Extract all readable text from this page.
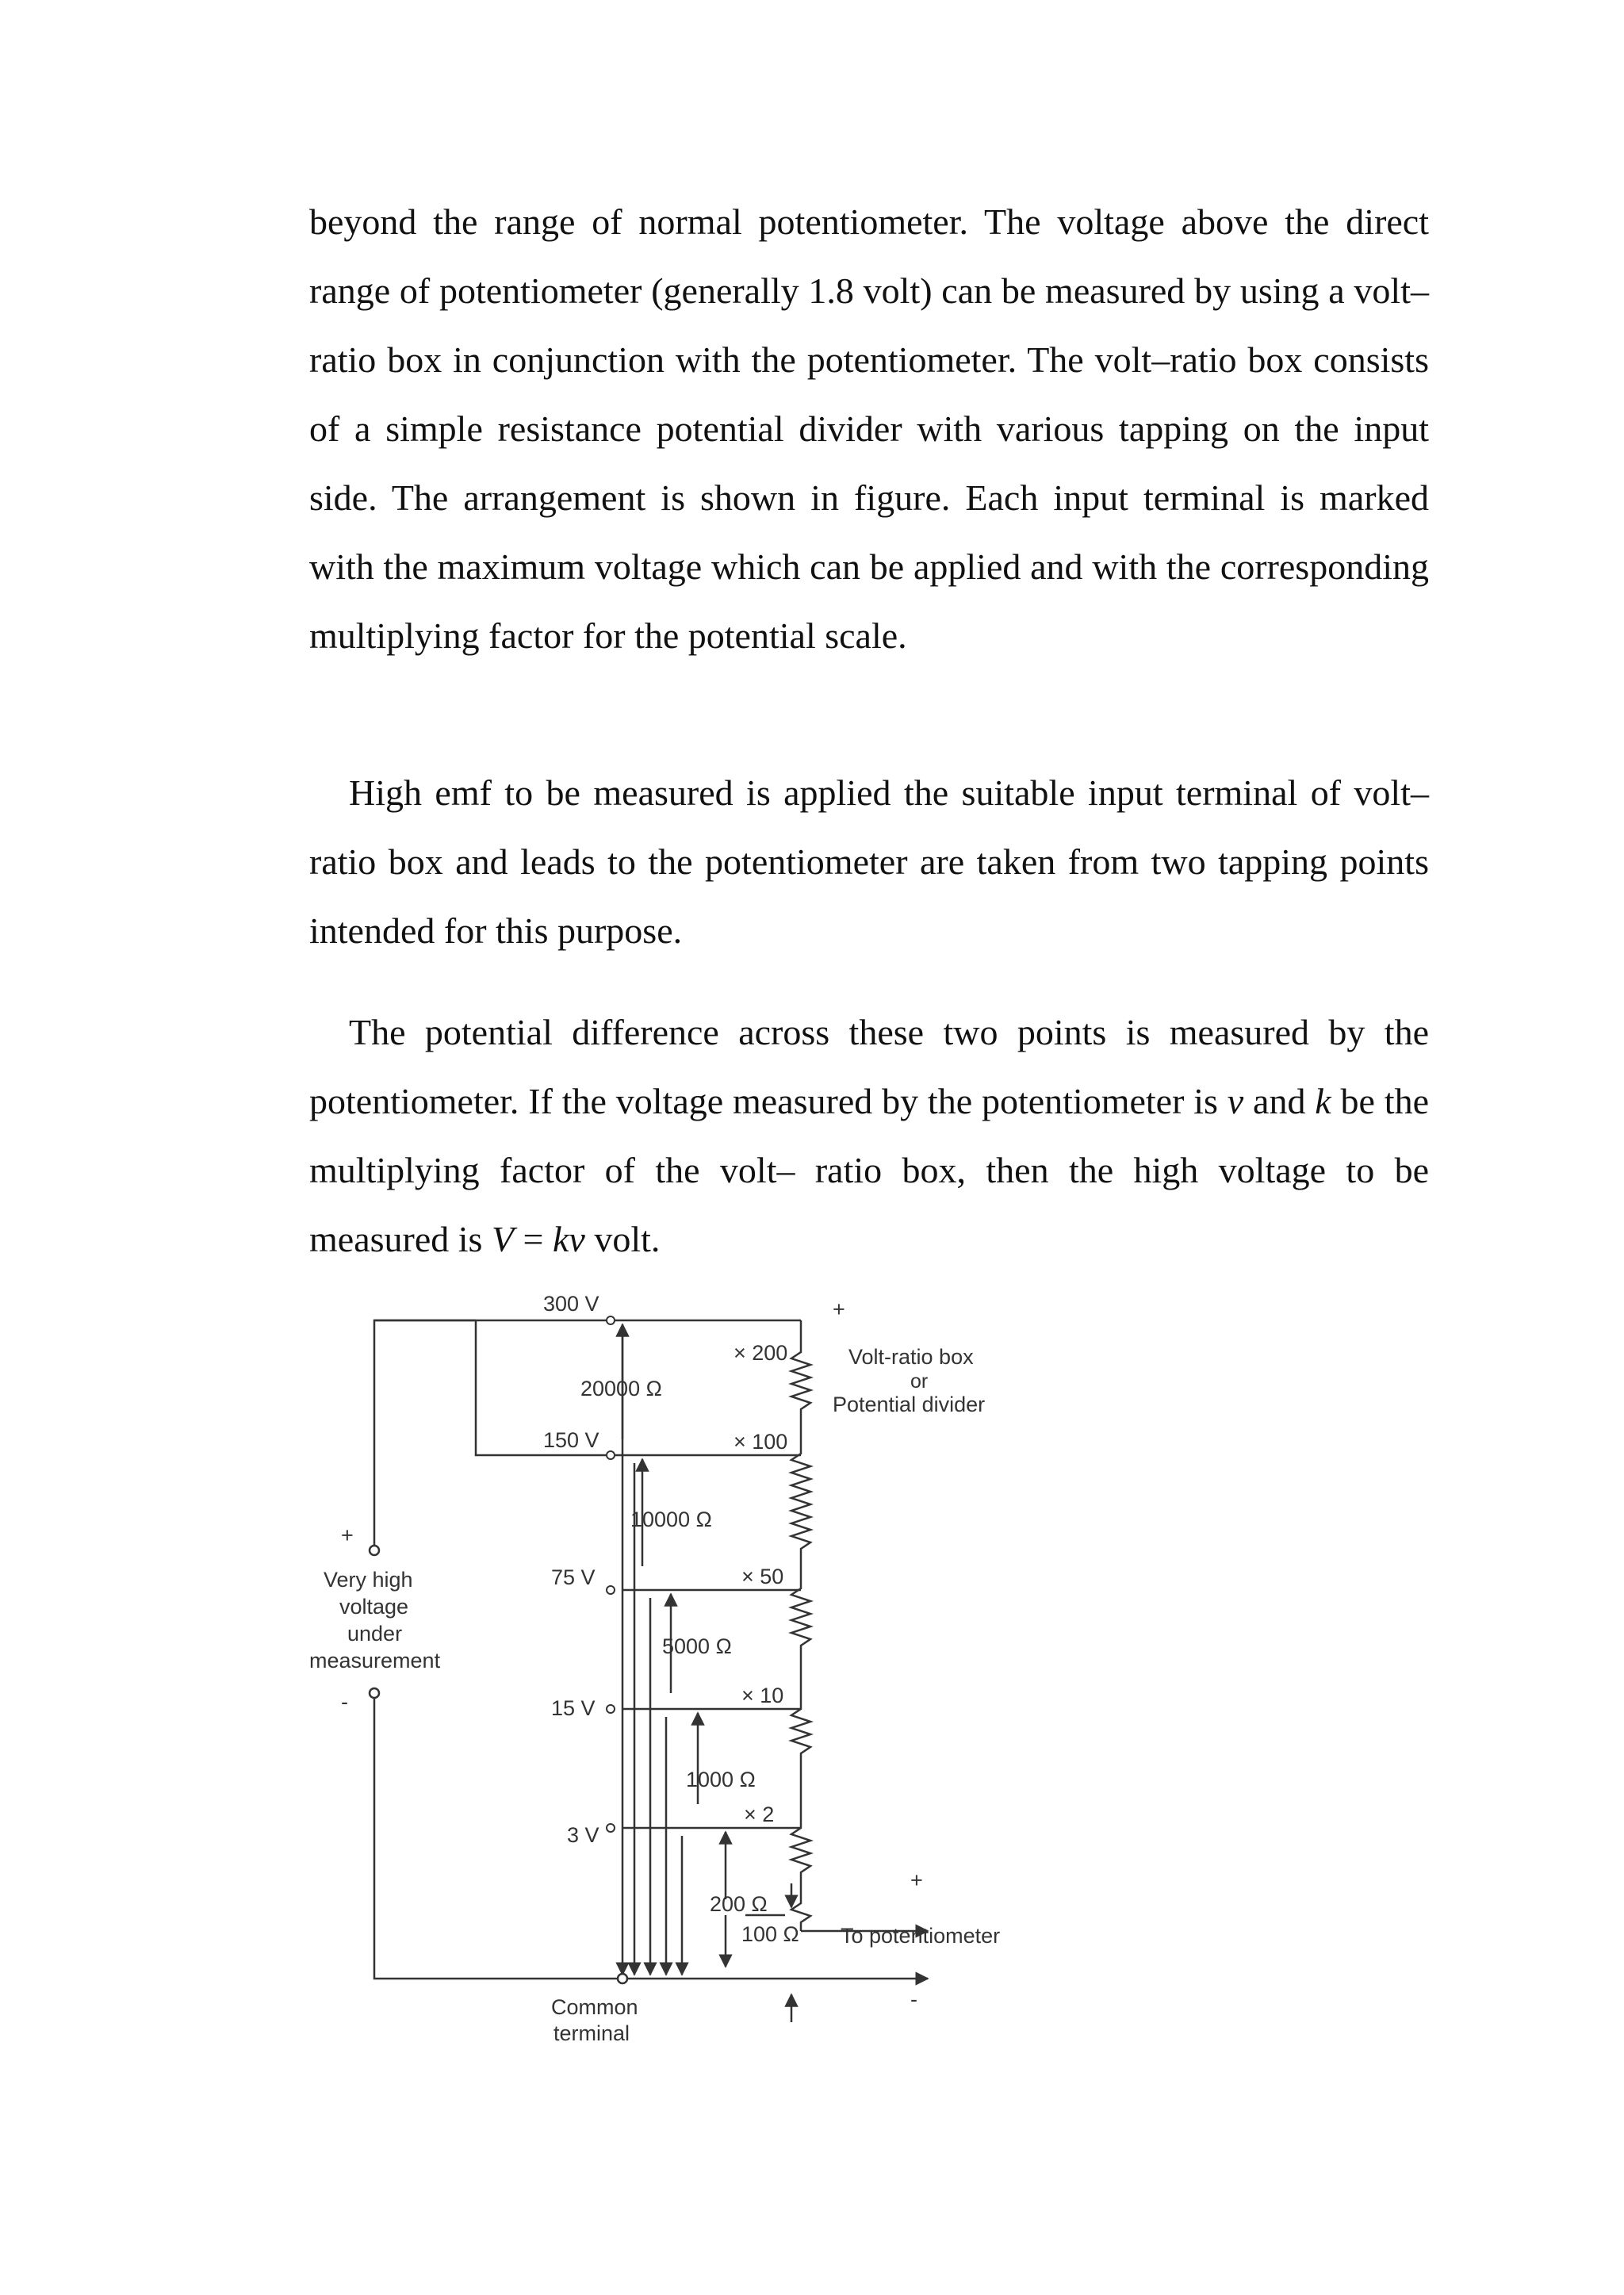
beyond the range of normal potentiometer. The voltage above the direct range of potentiometer (generally 1.8 volt) can be measured by using a volt–ratio box in conjunction with the potentiometer. The volt–ratio box consists of a simple resistance potential divider with various tapping on the input side. The arrangement is shown in figure. Each input terminal is marked with the maximum voltage which can be applied and with the corresponding multiplying factor for the potential scale.

High emf to be measured is applied the suitable input terminal of volt–ratio box and leads to the potentiometer are taken from two tapping points intended for this purpose.

The potential difference across these two points is measured by the potentiometer. If the voltage measured by the potentiometer is v and k be the multiplying factor of the volt– ratio box, then the high voltage to be measured is V = kv volt.

300 V
150 V
75 V
15 V
3 V
20000 Ω
10000 Ω
5000 Ω
1000 Ω
200 Ω
100 Ω
× 200
× 100
× 50
× 10
× 2
Volt-ratio box
or
Potential divider
Very high
voltage
under
measurement
+
-
+
+
-
Common
terminal
To potentiometer
